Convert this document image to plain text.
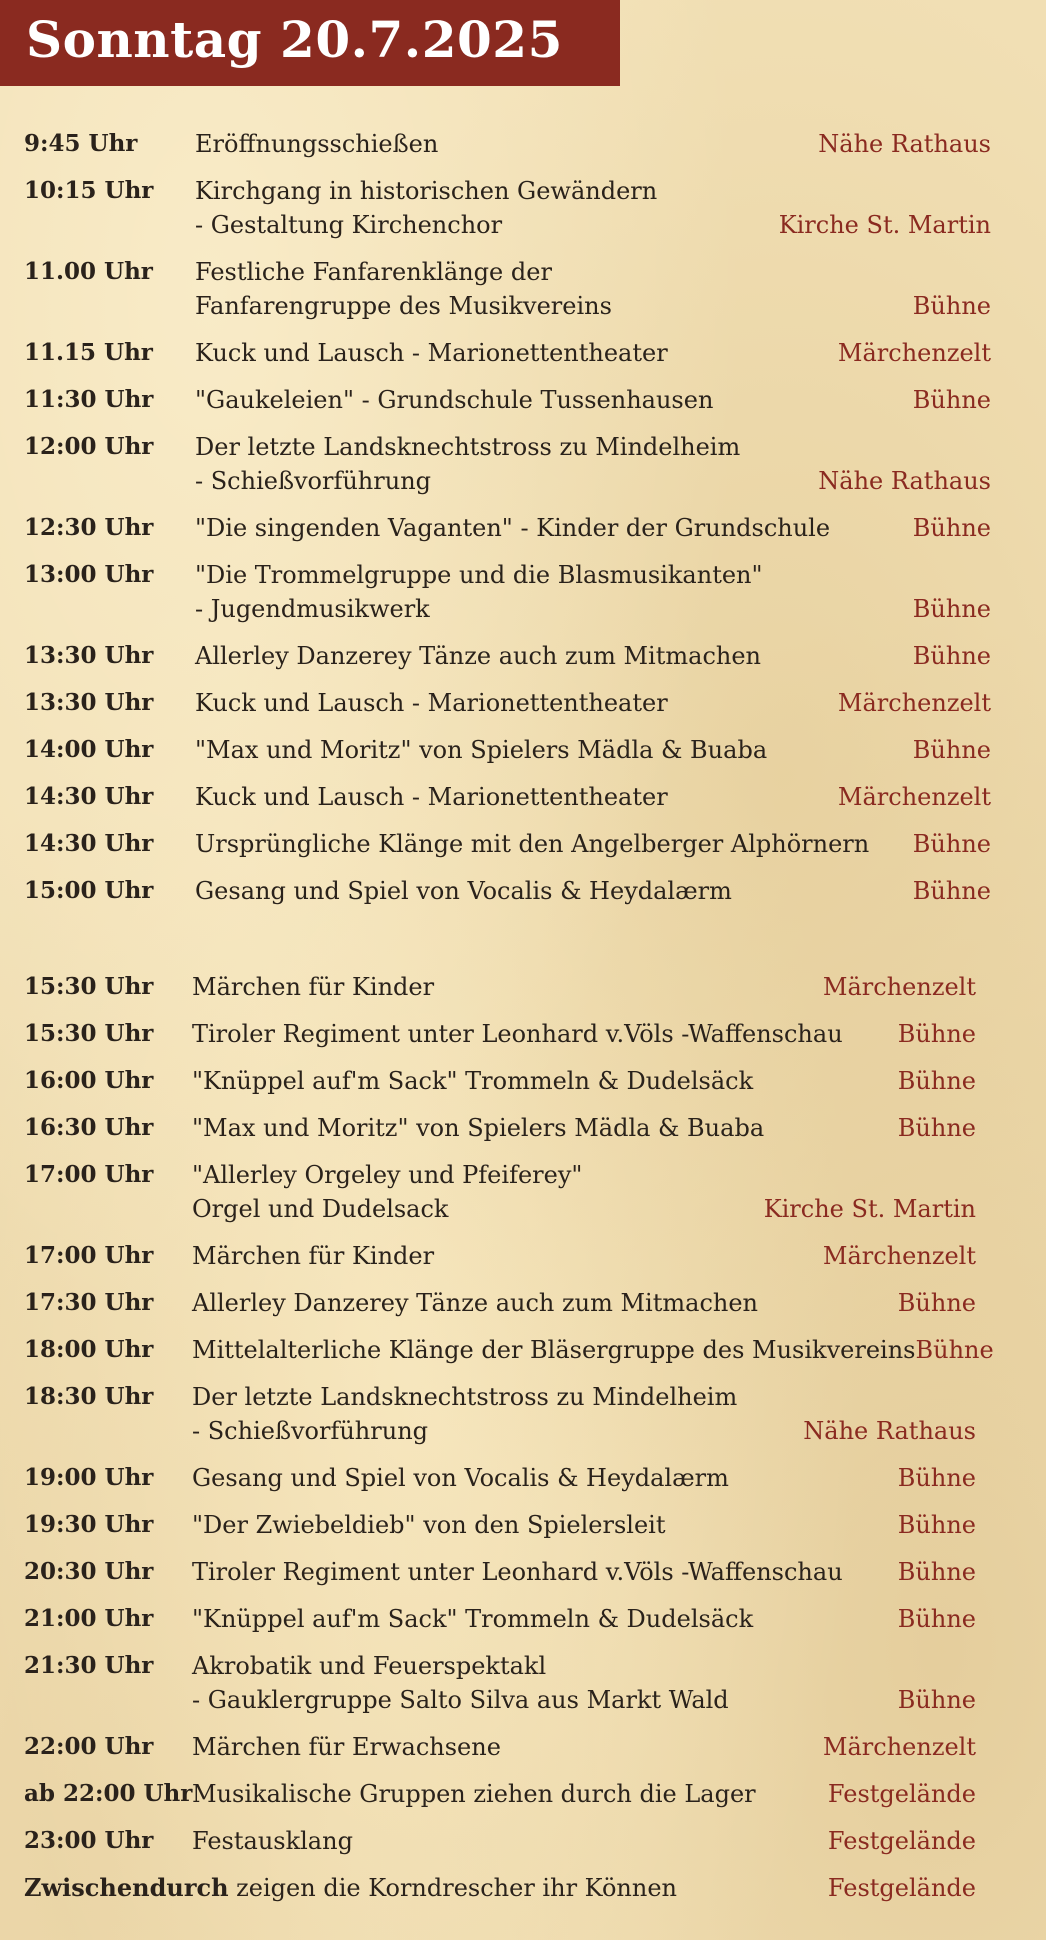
Sonntag 20.7.2025
9:45 Uhr	Eröffnungsschießen	Nähe Rathaus
10:15 Uhr	Kirchgang in historischen Gewändern
- Gestaltung Kirchenchor	Kirche St. Martin
11.00 Uhr	Festliche Fanfarenklänge der
Fanfarengruppe des Musikvereins	Bühne
11.15 Uhr	Kuck und Lausch - Marionettentheater	Märchenzelt
11:30 Uhr	"Gaukeleien" - Grundschule Tussenhausen	Bühne
12:00 Uhr	Der letzte Landsknechtstross zu Mindelheim
- Schießvorführung	Nähe Rathaus
12:30 Uhr	"Die singenden Vaganten" - Kinder der Grundschule	Bühne
13:00 Uhr	"Die Trommelgruppe und die Blasmusikanten"
- Jugendmusikwerk	Bühne
13:30 Uhr	Allerley Danzerey Tänze auch zum Mitmachen	Bühne
13:30 Uhr	Kuck und Lausch - Marionettentheater	Märchenzelt
14:00 Uhr	"Max und Moritz" von Spielers Mädla & Buaba	Bühne
14:30 Uhr	Kuck und Lausch - Marionettentheater	Märchenzelt
14:30 Uhr	Ursprüngliche Klänge mit den Angelberger Alphörnern	Bühne
15:00 Uhr	Gesang und Spiel von Vocalis & Heydalærm	Bühne
15:30 Uhr	Märchen für Kinder	Märchenzelt
15:30 Uhr	Tiroler Regiment unter Leonhard v.Völs -Waffenschau	Bühne
16:00 Uhr	"Knüppel auf'm Sack" Trommeln & Dudelsäck	Bühne
16:30 Uhr	"Max und Moritz" von Spielers Mädla & Buaba	Bühne
17:00 Uhr	"Allerley Orgeley und Pfeiferey"
Orgel und Dudelsack	Kirche St. Martin
17:00 Uhr	Märchen für Kinder	Märchenzelt
17:30 Uhr	Allerley Danzerey Tänze auch zum Mitmachen	Bühne
18:00 Uhr	Mittelalterliche Klänge der Bläsergruppe des Musikvereins Bühne
18:30 Uhr	Der letzte Landsknechtstross zu Mindelheim
- Schießvorführung	Nähe Rathaus
19:00 Uhr	Gesang und Spiel von Vocalis & Heydalærm	Bühne
19:30 Uhr	"Der Zwiebeldieb" von den Spielersleit	Bühne
20:30 Uhr	Tiroler Regiment unter Leonhard v.Völs -Waffenschau	Bühne
21:00 Uhr	"Knüppel auf'm Sack" Trommeln & Dudelsäck	Bühne
21:30 Uhr	Akrobatik und Feuerspektakl
- Gauklergruppe Salto Silva aus Markt Wald	Bühne
22:00 Uhr	Märchen für Erwachsene	Märchenzelt
ab 22:00 Uhr Musikalische Gruppen ziehen durch die Lager	Festgelände
23:00 Uhr	Festausklang	Festgelände
Zwischendurch zeigen die Korndrescher ihr Können	Festgelände
